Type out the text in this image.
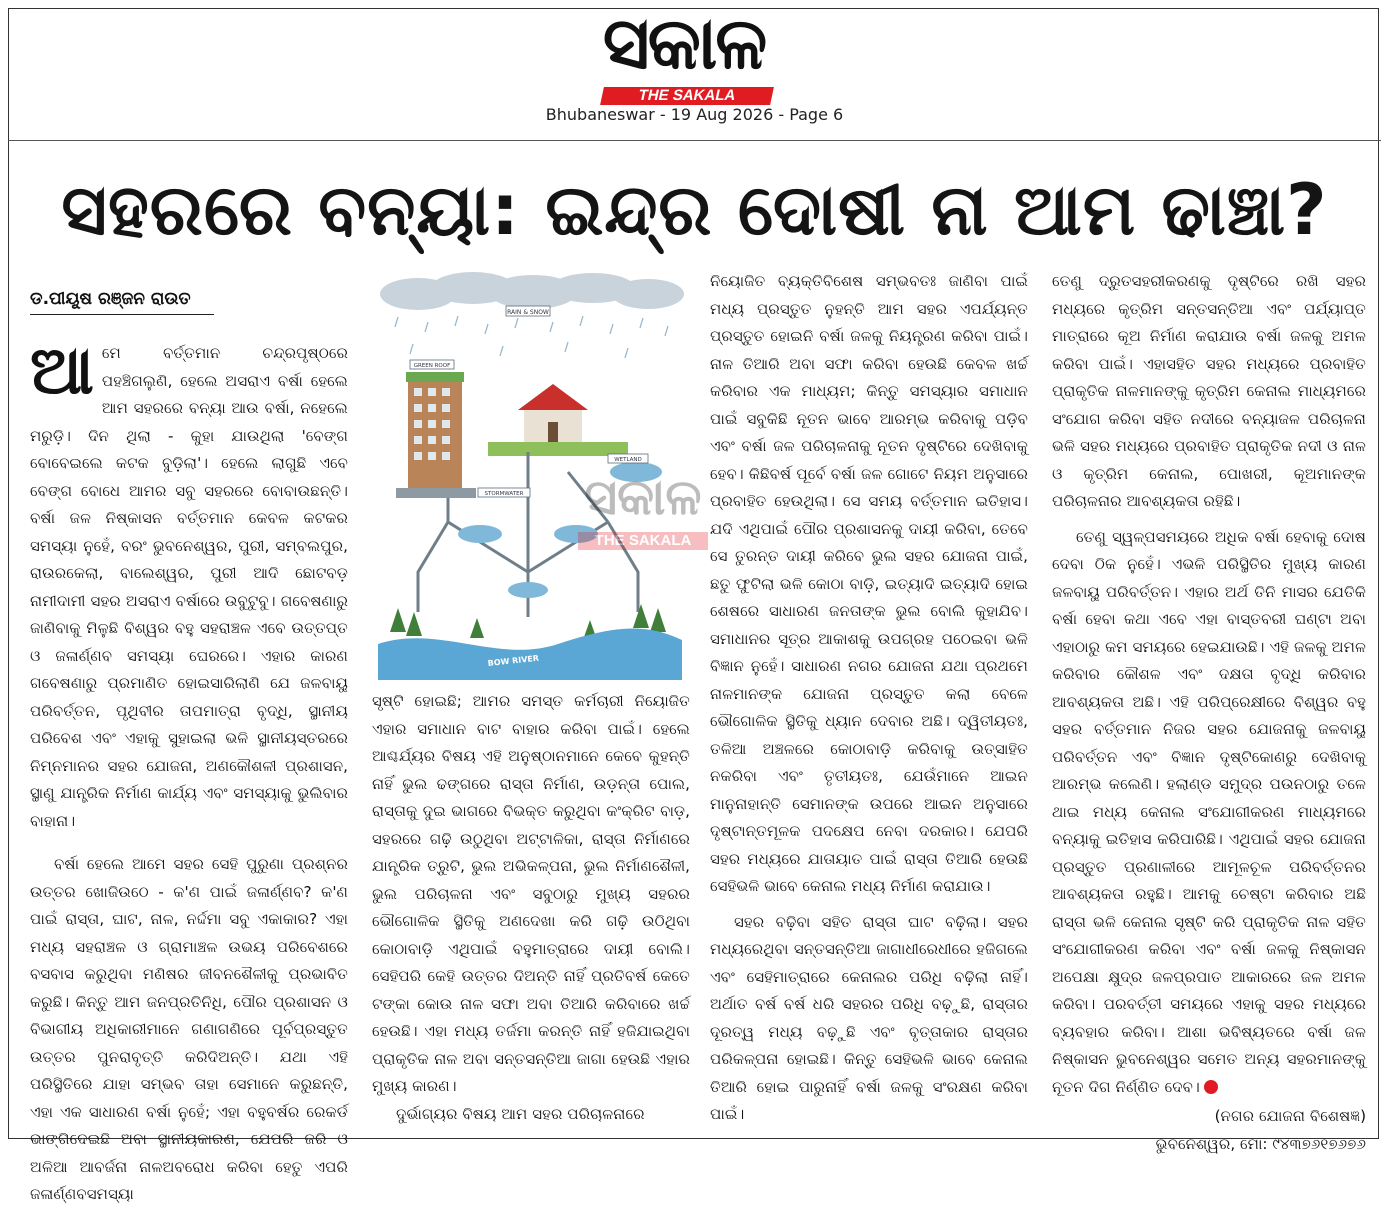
ସକାଳ
THE SAKALA
Bhubaneswar - 19 Aug 2026 - Page 6
ସହରରେ ବନ୍ୟା: ଇନ୍ଦ୍ର ଦୋଷୀ ନା ଆମ ଢାଞ୍ଚା?
ଡ.ପୀୟୂଷ ରଞ୍ଜନ ରାଉତ

ଆମେ ବର୍ତ୍ତମାନ ଚନ୍ଦ୍ରପୃଷ୍ଠରେ ପହଞ୍ଚିଗଲୁଣି, ହେଲେ ଅସରାଏ ବର୍ଷା ହେଲେ ଆମ ସହରରେ ବନ୍ୟା ଆଉ ବର୍ଷା, ନହେଲେ ମରୁଡ଼ି। ଦିନ ଥିଲା - କୁହା ଯାଉଥିଲା 'ବେଙ୍ଗ ବୋବେଇଲେ କଟକ ବୁଡ଼ିଲା'। ହେଲେ ଲାଗୁଛି ଏବେ ବେଙ୍ଗ ବୋଧେ ଆମର ସବୁ ସହରରେ ବୋବାଉଛନ୍ତି। ବର୍ଷା ଜଳ ନିଷ୍କାସନ ବର୍ତ୍ତମାନ କେବଳ କଟକର ସମସ୍ୟା ନୁହେଁ, ବରଂ ଭୁବନେଶ୍ୱର, ପୁରୀ, ସମ୍ବଲପୁର, ରାଉରକେଲା, ବାଲେଶ୍ୱର, ପୁରୀ ଆଦି ଛୋଟବଡ଼ ନାମୀଦାମୀ ସହର ଅସରାଏ ବର୍ଷାରେ ଉବୁଟୁବୁ। ଗବେଷଣାରୁ ଜାଣିବାକୁ ମିଳୁଛି ବିଶ୍ୱର ବହୁ ସହରାଞ୍ଚଳ ଏବେ ଉତ୍ତପ୍ତ ଓ ଜଳାର୍ଣ୍ଣବ ସମସ୍ୟା ଘେରରେ। ଏହାର କାରଣ ଗବେଷଣାରୁ ପ୍ରମାଣିତ ହୋଇସାରିଲାଣି ଯେ ଜଳବାୟୁ ପରିବର୍ତ୍ତନ, ପୃଥିବୀର ତାପମାତ୍ରା ବୃଦ୍ଧି, ସ୍ଥାନୀୟ ପରିବେଶ ଏବଂ ଏହାକୁ ସୁହାଇଲା ଭଳି ସ୍ଥାନୀୟସ୍ତରରେ ନିମ୍ନମାନର ସହର ଯୋଜନା, ଅଣକୌଶଳୀ ପ୍ରଶାସନ, ସ୍ଥାଣୁ ଯାନ୍ତ୍ରିକ ନିର୍ମାଣ କାର୍ଯ୍ୟ ଏବଂ ସମସ୍ୟାକୁ ଭୁଲିବାର ବାହାନା।

ବର୍ଷା ହେଲେ ଆମେ ସହର ସେହି ପୁରୁଣା ପ୍ରଶ୍ନର ଉତ୍ତର ଖୋଜିଉଠେ - କ'ଣ ପାଇଁ ଜଳାର୍ଣ୍ଣବ? କ'ଣ ପାଇଁ ରାସ୍ତା, ଘାଟ, ନାଳ, ନର୍ଦ୍ଦମା ସବୁ ଏକାକାର? ଏହା ମଧ୍ୟ ସହରାଞ୍ଚଳ ଓ ଗ୍ରାମାଞ୍ଚଳ ଉଭୟ ପରିବେଶରେ ବସବାସ କରୁଥିବା ମଣିଷର ଜୀବନଶୈଳୀକୁ ପ୍ରଭାବିତ କରୁଛି। କିନ୍ତୁ ଆମ ଜନପ୍ରତିନିଧି, ପୌର ପ୍ରଶାସନ ଓ ବିଭାଗୀୟ ଅଧିକାରୀମାନେ ଗଣାଗଣିରେ ପୂର୍ବପ୍ରସ୍ତୁତ ଉତ୍ତର ପୁନରାବୃତ୍ତି କରିଦିଅନ୍ତି। ଯଥା ଏହି ପରିସ୍ଥିତିରେ ଯାହା ସମ୍ଭବ ତାହା ସେମାନେ କରୁଛନ୍ତି, ଏହା ଏକ ସାଧାରଣ ବର୍ଷା ନୁହେଁ; ଏହା ବହୁବର୍ଷର ରେକର୍ଡ ଭାଙ୍ଗିଦେଇଛି ଅବା ସ୍ଥାନୀୟକାରଣ, ଯେପରି ଜରି ଓ ଅଳିଆ ଆବର୍ଜନା ନାଳଅବରୋଧ କରିବା ହେତୁ ଏପରି ଜଳାର୍ଣ୍ଣବସମସ୍ୟା

RAIN & SNOW
GREEN ROOF
WETLAND
STORMWATER
BOW RIVER

ସୃଷ୍ଟି ହୋଇଛି; ଆମର ସମସ୍ତ କର୍ମଚାରୀ ନିୟୋଜିତ ଏହାର ସମାଧାନ ବାଟ ବାହାର କରିବା ପାଇଁ। ହେଲେ ଆଶ୍ଚର୍ଯ୍ୟର ବିଷୟ ଏହି ଅନୁଷ୍ଠାନମାନେ କେବେ କୁହନ୍ତି ନାହିଁ ଭୁଲ ଢଙ୍ଗରେ ରାସ୍ତା ନିର୍ମାଣ, ଉଡ଼ନ୍ତା ପୋଲ, ରାସ୍ତାକୁ ଦୁଇ ଭାଗରେ ବିଭକ୍ତ କରୁଥିବା କଂକ୍ରିଟ ବାଡ଼, ସହରରେ ଗଢ଼ି ଉଠୁଥିବା ଅଟ୍ଟାଳିକା, ରାସ୍ତା ନିର୍ମାଣରେ ଯାନ୍ତ୍ରିକ ତ୍ରୁଟି, ଭୁଲ ଅଭିକଳ୍ପନା, ଭୁଲ ନିର୍ମାଣଶୈଳୀ, ଭୁଲ ପରିଚାଳନା ଏବଂ ସବୁଠାରୁ ମୁଖ୍ୟ ସହରର ଭୌଗୋଳିକ ସ୍ଥିତିକୁ ଅଣଦେଖା କରି ଗଢ଼ି ଉଠିଥିବା କୋଠାବାଡ଼ି ଏଥିପାଇଁ ବହୁମାତ୍ରାରେ ଦାୟୀ ବୋଲି। ସେହିପରି କେହି ଉତ୍ତର ଦିଅନ୍ତି ନାହିଁ ପ୍ରତିବର୍ଷ କେତେ ଟଙ୍କା କୋଉ ନାଳ ସଫା ଅବା ତିଆରି କରିବାରେ ଖର୍ଚ୍ଚ ହେଉଛି। ଏହା ମଧ୍ୟ ତର୍ଜମା କରନ୍ତି ନାହିଁ ହଜିଯାଇଥିବା ପ୍ରାକୃତିକ ନାଳ ଅବା ସନ୍ତସନ୍ତିଆ ଜାଗା ହେଉଛି ଏହାର ମୁଖ୍ୟ କାରଣ।

ଦୁର୍ଭାଗ୍ୟର ବିଷୟ ଆମ ସହର ପରିଚାଳନାରେ

ନିୟୋଜିତ ବ୍ୟକ୍ତିବିଶେଷ ସମ୍ଭବତଃ ଜାଣିବା ପାଇଁ ମଧ୍ୟ ପ୍ରସ୍ତୁତ ନୁହନ୍ତି ଆମ ସହର ଏପର୍ଯ୍ୟନ୍ତ ପ୍ରସ୍ତୁତ ହୋଇନି ବର୍ଷା ଜଳକୁ ନିୟନ୍ତ୍ରଣ କରିବା ପାଇଁ। ନାଳ ତିଆରି ଅବା ସଫା କରିବା ହେଉଛି କେବଳ ଖର୍ଚ୍ଚ କରିବାର ଏକ ମାଧ୍ୟମ; କିନ୍ତୁ ସମସ୍ୟାର ସମାଧାନ ପାଇଁ ସବୁକିଛି ନୂତନ ଭାବେ ଆରମ୍ଭ କରିବାକୁ ପଡ଼ିବ ଏବଂ ବର୍ଷା ଜଳ ପରିଚାଳନାକୁ ନୂତନ ଦୃଷ୍ଟିରେ ଦେଖିବାକୁ ହେବ। କିଛିବର୍ଷ ପୂର୍ବେ ବର୍ଷା ଜଳ ଗୋଟେ ନିୟମ ଅନୁସାରେ ପ୍ରବାହିତ ହେଉଥିଲା। ସେ ସମୟ ବର୍ତ୍ତମାନ ଇତିହାସ। ଯଦି ଏଥିପାଇଁ ପୌର ପ୍ରଶାସନକୁ ଦାୟୀ କରିବା, ତେବେ ସେ ତୁରନ୍ତ ଦାୟୀ କରିବେ ଭୁଲ ସହର ଯୋଜନା ପାଇଁ, ଛତୁ ଫୁଟିଲା ଭଳି କୋଠା ବାଡ଼ି, ଇତ୍ୟାଦି ଇତ୍ୟାଦି ହୋଇ ଶେଷରେ ସାଧାରଣ ଜନତାଙ୍କ ଭୁଲ ବୋଲି କୁହାଯିବ। ସମାଧାନର ସୂତ୍ର ଆକାଶକୁ ଉପଗ୍ରହ ପଠେଇବା ଭଳି ବିଜ୍ଞାନ ନୁହେଁ। ସାଧାରଣ ନଗର ଯୋଜନା ଯଥା ପ୍ରଥମେ ନାଳମାନଙ୍କ ଯୋଜନା ପ୍ରସ୍ତୁତ କଲା ବେଳେ ଭୌଗୋଳିକ ସ୍ଥିତିକୁ ଧ୍ୟାନ ଦେବାର ଅଛି। ଦ୍ୱିତୀୟତଃ, ତଳିଆ ଅଞ୍ଚଳରେ କୋଠାବାଡ଼ି କରିବାକୁ ଉତ୍ସାହିତ ନକରିବା ଏବଂ ତୃତୀୟତଃ, ଯେଉଁମାନେ ଆଇନ ମାନୁନାହାନ୍ତି ସେମାନଙ୍କ ଉପରେ ଆଇନ ଅନୁସାରେ ଦୃଷ୍ଟାନ୍ତମୂଳକ ପଦକ୍ଷେପ ନେବା ଦରକାର। ଯେପରି ସହର ମଧ୍ୟରେ ଯାତାୟାତ ପାଇଁ ରାସ୍ତା ତିଆରି ହେଉଛି ସେହିଭଳି ଭାବେ କେନାଲ ମଧ୍ୟ ନିର୍ମାଣ କରାଯାଉ।

ସହର ବଢ଼ିବା ସହିତ ରାସ୍ତା ଘାଟ ବଢ଼ିଲା। ସହର ମଧ୍ୟରେଥିବା ସନ୍ତସନ୍ତିଆ ଜାଗାଧୀରେଧୀରେ ହଜିଗଲେ ଏବଂ ସେହିମାତ୍ରାରେ କେନାଲର ପରିଧି ବଢ଼ିଲା ନାହିଁ। ଅର୍ଥାତ ବର୍ଷ ବର୍ଷ ଧରି ସହରର ପରିଧି ବଢ଼ୁଛି, ରାସ୍ତାର ଦୂରତ୍ୱ ମଧ୍ୟ ବଢ଼ୁଛି ଏବଂ ବୃତ୍ତାକାର ରାସ୍ତାର ପରିକଳ୍ପନା ହୋଇଛି। କିନ୍ତୁ ସେହିଭଳି ଭାବେ କେନାଲ ତିଆରି ହୋଇ ପାରୁନାହିଁ ବର୍ଷା ଜଳକୁ ସଂରକ୍ଷଣ କରିବା ପାଇଁ।

ତେଣୁ ଦ୍ରୁତସହରୀକରଣକୁ ଦୃଷ୍ଟିରେ ରଖି ସହର ମଧ୍ୟରେ କୃତ୍ରିମ ସନ୍ତସନ୍ତିଆ ଏବଂ ପର୍ଯ୍ୟାପ୍ତ ମାତ୍ରାରେ କୂଅ ନିର୍ମାଣ କରାଯାଉ ବର୍ଷା ଜଳକୁ ଅମଳ କରିବା ପାଇଁ। ଏହାସହିତ ସହର ମଧ୍ୟରେ ପ୍ରବାହିତ ପ୍ରାକୃତିକ ନାଳମାନଙ୍କୁ କୃତ୍ରିମ କେନାଲ ମାଧ୍ୟମରେ ସଂଯୋଗ କରିବା ସହିତ ନଦୀରେ ବନ୍ୟାଜଳ ପରିଚାଳନା ଭଳି ସହର ମଧ୍ୟରେ ପ୍ରବାହିତ ପ୍ରାକୃତିକ ନଦୀ ଓ ନାଳ ଓ କୃତ୍ରିମ କେନାଲ, ପୋଖରୀ, କୂଅମାନଙ୍କ ପରିଚାଳନାର ଆବଶ୍ୟକତା ରହିଛି।

ତେଣୁ ସ୍ୱଳ୍ପସମୟରେ ଅଧିକ ବର୍ଷା ହେବାକୁ ଦୋଷ ଦେବା ଠିକ ନୁହେଁ। ଏଭଳି ପରିସ୍ଥିତିର ମୁଖ୍ୟ କାରଣ ଜଳବାୟୁ ପରିବର୍ତ୍ତନ। ଏହାର ଅର୍ଥ ତିନି ମାସର ଯେତିକି ବର୍ଷା ହେବା କଥା ଏବେ ଏହା ବାସ୍ତବରୀ ଘଣ୍ଟା ଅବା ଏହାଠାରୁ କମ ସମୟରେ ହେଇଯାଉଛି। ଏହି ଜଳକୁ ଅମଳ କରିବାର କୌଶଳ ଏବଂ ଦକ୍ଷତା ବୃଦ୍ଧି କରିବାର ଆବଶ୍ୟକତା ଅଛି। ଏହି ପରିପ୍ରେକ୍ଷୀରେ ବିଶ୍ୱର ବହୁ ସହର ବର୍ତ୍ତମାନ ନିଜର ସହର ଯୋଜନାକୁ ଜଳବାୟୁ ପରିବର୍ତ୍ତନ ଏବଂ ବିଜ୍ଞାନ ଦୃଷ୍ଟିକୋଣରୁ ଦେଖିବାକୁ ଆରମ୍ଭ କଲେଣି। ହଲାଣ୍ଡ ସମୁଦ୍ର ପଉନଠାରୁ ତଳେ ଥାଇ ମଧ୍ୟ କେନାଲ ସଂଯୋଗୀକରଣ ମାଧ୍ୟମରେ ବନ୍ୟାକୁ ଇତିହାସ କରିପାରିଛି। ଏଥିପାଇଁ ସହର ଯୋଜନା ପ୍ରସ୍ତୁତ ପ୍ରଣାଳୀରେ ଆମୂଳଚୂଳ ପରିବର୍ତ୍ତନର ଆବଶ୍ୟକତା ରହୁଛି। ଆମକୁ ଚେଷ୍ଟା କରିବାର ଅଛି ରାସ୍ତା ଭଳି କେନାଲ ସୃଷ୍ଟି କରି ପ୍ରାକୃତିକ ନାଳ ସହିତ ସଂଯୋଗୀକରଣ କରିବା ଏବଂ ବର୍ଷା ଜଳକୁ ନିଷ୍କାସନ ଅପେକ୍ଷା କ୍ଷୁଦ୍ର ଜଳପ୍ରପାତ ଆକାରରେ ଜଳ ଅମଳ କରିବା। ପରବର୍ତ୍ତୀ ସମୟରେ ଏହାକୁ ସହର ମଧ୍ୟରେ ବ୍ୟବହାର କରିବା। ଆଶା ଭବିଷ୍ୟତରେ ବର୍ଷା ଜଳ ନିଷ୍କାସନ ଭୁବନେଶ୍ୱର ସମେତ ଅନ୍ୟ ସହରମାନଙ୍କୁ ନୂତନ ଦିଗ ନିର୍ଣ୍ଣିତ ଦେବ।

(ନଗର ଯୋଜନା ବିଶେଷଜ୍ଞ)

ଭୁବନେଶ୍ୱର, ମୋ: ୯୪୩୭୬୧୭୬୭୬

ସକାଳ
THE SAKALA
